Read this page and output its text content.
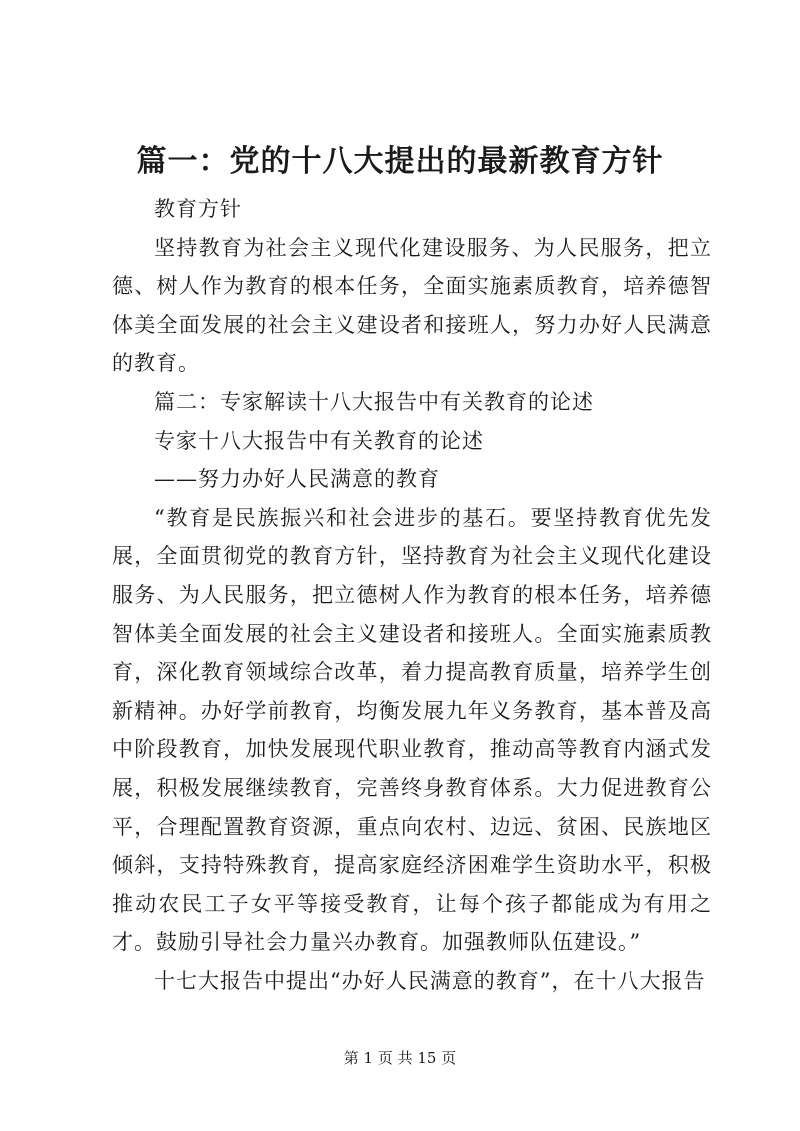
篇一：党的十八大提出的最新教育方针

教育方针

坚持教育为社会主义现代化建设服务、为人民服务，把立德、树人作为教育的根本任务，全面实施素质教育，培养德智体美全面发展的社会主义建设者和接班人，努力办好人民满意的教育。

篇二：专家解读十八大报告中有关教育的论述

专家十八大报告中有关教育的论述

——努力办好人民满意的教育

“教育是民族振兴和社会进步的基石。要坚持教育优先发展，全面贯彻党的教育方针，坚持教育为社会主义现代化建设服务、为人民服务，把立德树人作为教育的根本任务，培养德智体美全面发展的社会主义建设者和接班人。全面实施素质教育，深化教育领域综合改革，着力提高教育质量，培养学生创新精神。办好学前教育，均衡发展九年义务教育，基本普及高中阶段教育，加快发展现代职业教育，推动高等教育内涵式发展，积极发展继续教育，完善终身教育体系。大力促进教育公平，合理配置教育资源，重点向农村、边远、贫困、民族地区倾斜，支持特殊教育，提高家庭经济困难学生资助水平，积极推动农民工子女平等接受教育，让每个孩子都能成为有用之才。鼓励引导社会力量兴办教育。加强教师队伍建设。”

十七大报告中提出“办好人民满意的教育”，在十八大报告

第 1 页 共 15 页
